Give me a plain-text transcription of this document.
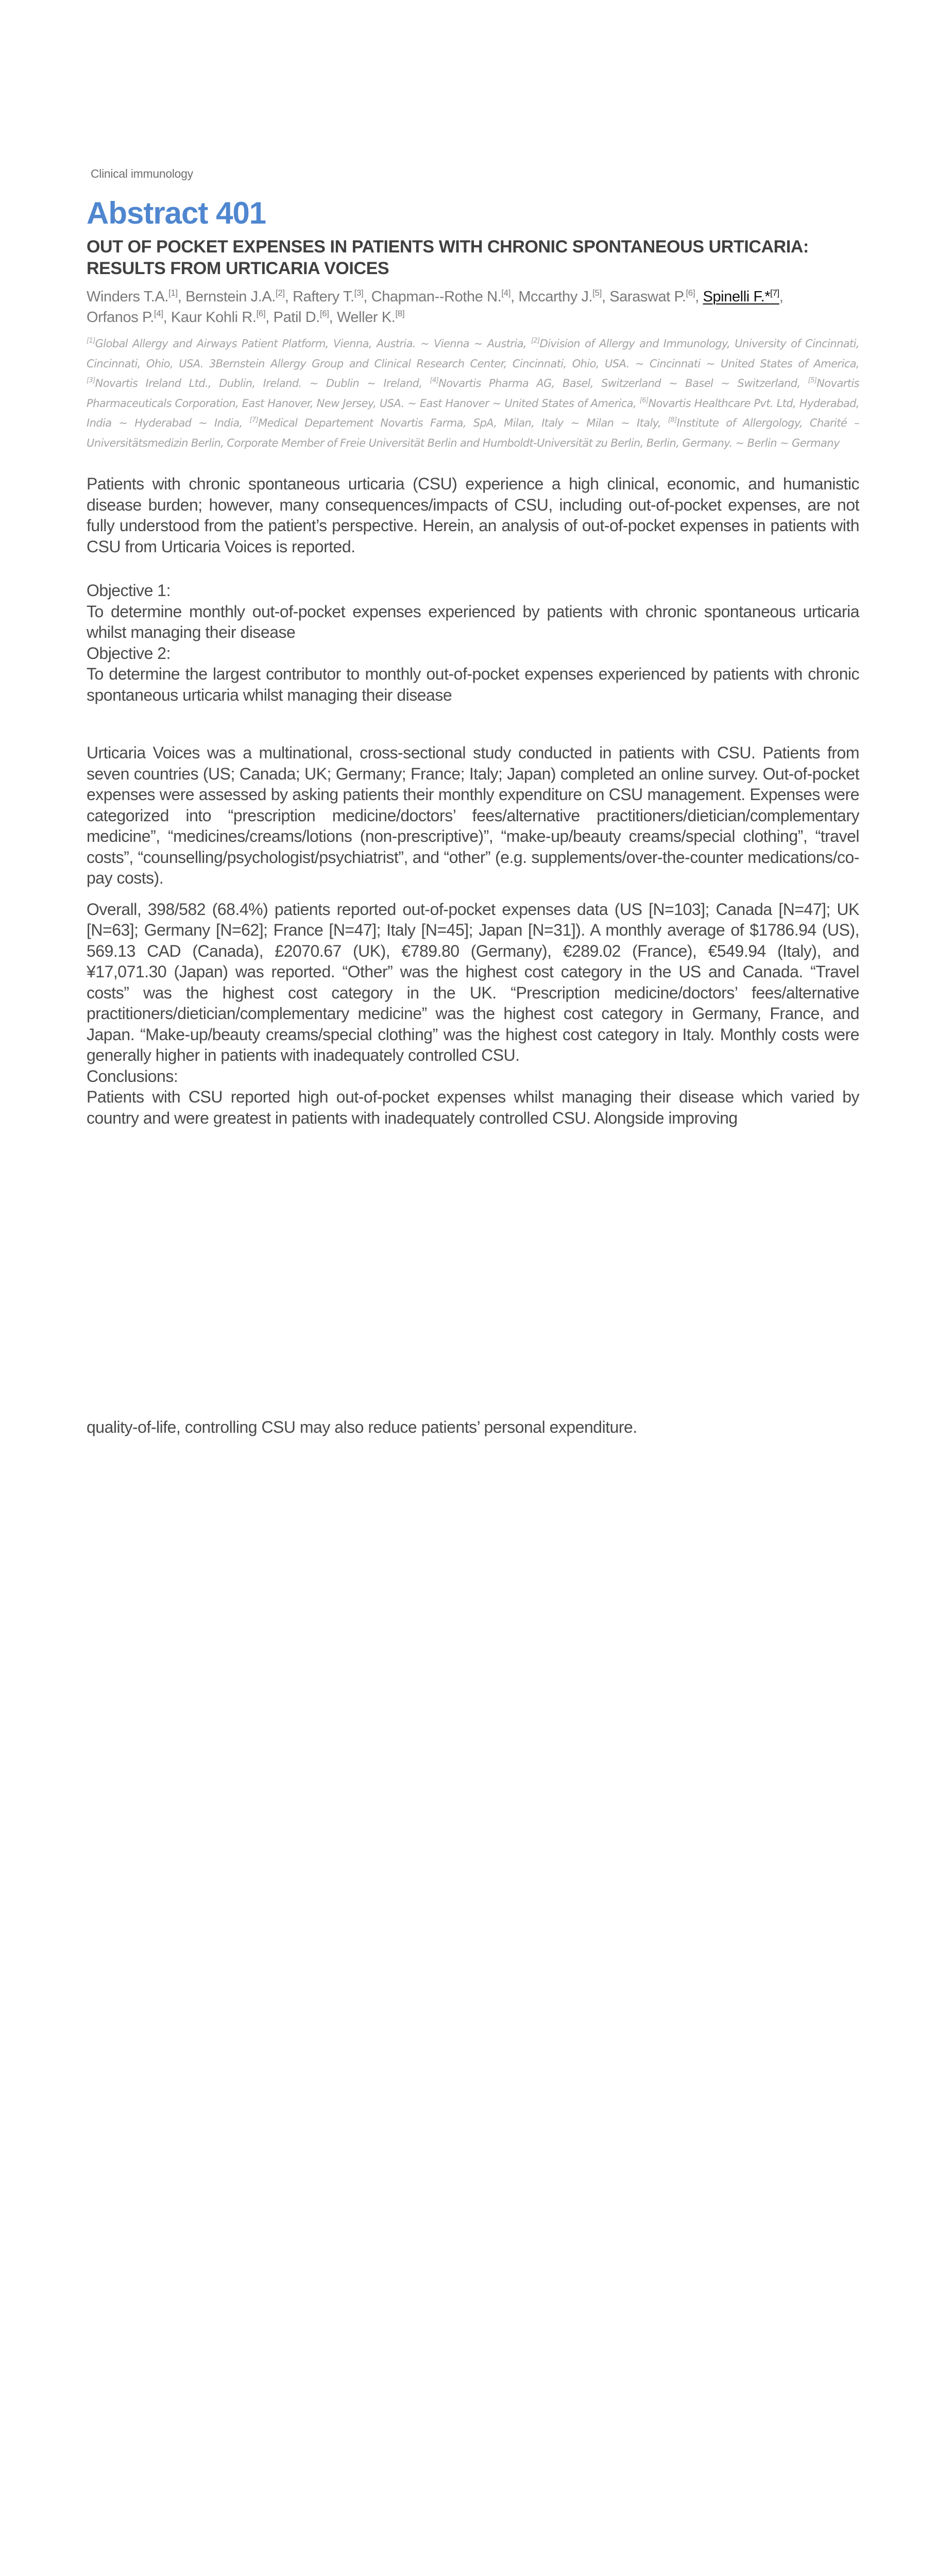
Clinical immunology
Abstract 401
OUT OF POCKET EXPENSES IN PATIENTS WITH CHRONIC SPONTANEOUS URTICARIA: RESULTS FROM URTICARIA VOICES
Winders T.A.[1], Bernstein J.A.[2], Raftery T.[3], Chapman--Rothe N.[4], Mccarthy J.[5], Saraswat P.[6], Spinelli F.*[7],
Orfanos P.[4], Kaur Kohli R.[6], Patil D.[6], Weller K.[8]
[1]Global Allergy and Airways Patient Platform, Vienna, Austria. ~ Vienna ~ Austria, [2]Division of Allergy and Immunology, University of Cincinnati, Cincinnati, Ohio, USA. 3Bernstein Allergy Group and Clinical Research Center, Cincinnati, Ohio, USA. ~ Cincinnati ~ United States of America, [3]Novartis Ireland Ltd., Dublin, Ireland. ~ Dublin ~ Ireland, [4]Novartis Pharma AG, Basel, Switzerland ~ Basel ~ Switzerland, [5]Novartis Pharmaceuticals Corporation, East Hanover, New Jersey, USA. ~ East Hanover ~ United States of America, [6]Novartis Healthcare Pvt. Ltd, Hyderabad, India ~ Hyderabad ~ India, [7]Medical Departement Novartis Farma, SpA, Milan, Italy ~ Milan ~ Italy, [8]Institute of Allergology, Charité – Universitätsmedizin Berlin, Corporate Member of Freie Universität Berlin and Humboldt-Universität zu Berlin, Berlin, Germany. ~ Berlin ~ Germany

Patients with chronic spontaneous urticaria (CSU) experience a high clinical, economic, and humanistic disease burden; however, many consequences/impacts of CSU, including out-of-pocket expenses, are not fully understood from the patient’s perspective. Herein, an analysis of out-of-pocket expenses in patients with CSU from Urticaria Voices is reported.

Objective 1:

To determine monthly out-of-pocket expenses experienced by patients with chronic spontaneous urticaria whilst managing their disease

Objective 2:

To determine the largest contributor to monthly out-of-pocket expenses experienced by patients with chronic spontaneous urticaria whilst managing their disease

Urticaria Voices was a multinational, cross-sectional study conducted in patients with CSU. Patients from seven countries (US; Canada; UK; Germany; France; Italy; Japan) completed an online survey. Out-of-pocket expenses were assessed by asking patients their monthly expenditure on CSU management. Expenses were categorized into “prescription medicine/doctors’ fees/alternative practitioners/dietician/complementary medicine”, “medicines/creams/lotions (non-prescriptive)”, “make-up/beauty creams/special clothing”, “travel costs”, “counselling/psychologist/psychiatrist”, and “other” (e.g. supplements/over-the-counter medications/co-pay costs).

Overall, 398/582 (68.4%) patients reported out-of-pocket expenses data (US [N=103]; Canada [N=47]; UK [N=63]; Germany [N=62]; France [N=47]; Italy [N=45]; Japan [N=31]). A monthly average of $1786.94 (US), 569.13 CAD (Canada), £2070.67 (UK), €789.80 (Germany), €289.02 (France), €549.94 (Italy), and ¥17,071.30 (Japan) was reported. “Other” was the highest cost category in the US and Canada. “Travel costs” was the highest cost category in the UK. “Prescription medicine/doctors’ fees/alternative practitioners/dietician/complementary medicine” was the highest cost category in Germany, France, and Japan. “Make-up/beauty creams/special clothing” was the highest cost category in Italy. Monthly costs were generally higher in patients with inadequately controlled CSU.

Conclusions:

Patients with CSU reported high out-of-pocket expenses whilst managing their disease which varied by country and were greatest in patients with inadequately controlled CSU. Alongside improving

quality-of-life, controlling CSU may also reduce patients’ personal expenditure.
